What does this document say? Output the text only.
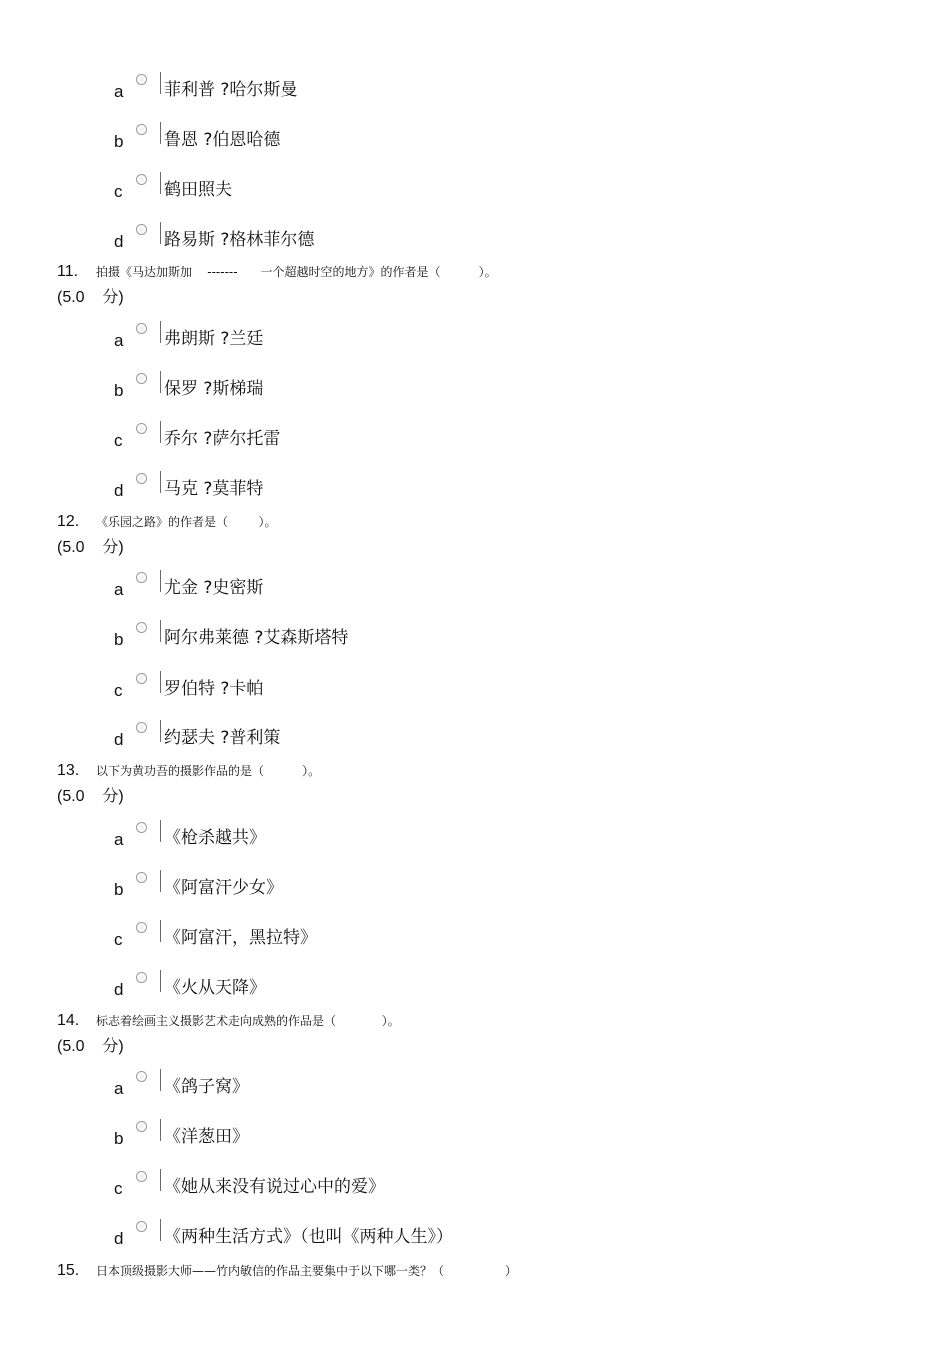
a 菲利普 ?哈尔斯曼
b 鲁恩 ?伯恩哈德
c 鹤田照夫
d 路易斯 ?格林菲尔德
11. 拍摄《马达加斯加    -------      一个超越时空的地方》的作者是（          ）。
(5.0    分)
a 弗朗斯 ?兰廷
b 保罗 ?斯梯瑞
c 乔尔 ?萨尔托雷
d 马克 ?莫菲特
12. 《乐园之路》的作者是（        ）。
(5.0    分)
a 尤金 ?史密斯
b 阿尔弗莱德 ?艾森斯塔特
c 罗伯特 ?卡帕
d 约瑟夫 ?普利策
13. 以下为黄功吾的摄影作品的是（          ）。
(5.0    分)
a 《枪杀越共》
b 《阿富汗少女》
c 《阿富汗，黑拉特》
d 《火从天降》
14. 标志着绘画主义摄影艺术走向成熟的作品是（            ）。
(5.0    分)
a 《鸽子窝》
b 《洋葱田》
c 《她从来没有说过心中的爱》
d 《两种生活方式》（也叫《两种人生》）
15. 日本顶级摄影大师——竹内敏信的作品主要集中于以下哪一类？（                ）
